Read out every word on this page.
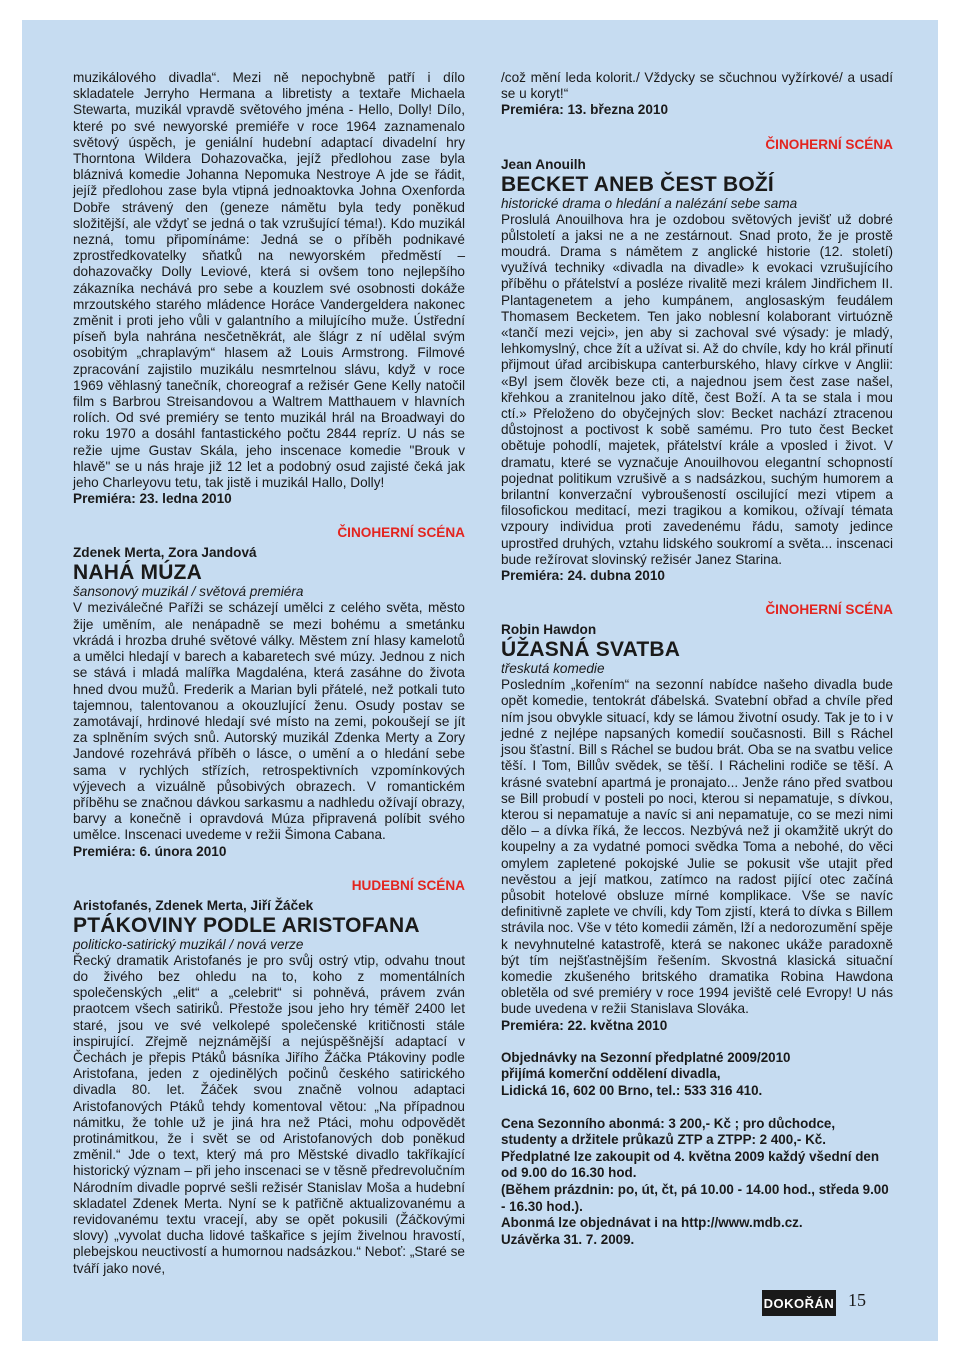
muzikálového divadla“. Mezi ně nepochybně patří i dílo skladatele Jerryho Hermana a libretisty a textaře Michaela Stewarta, muzikál vpravdě světového jména - Hello, Dolly! Dílo, které po své newyorské premiéře v roce 1964 zaznamenalo světový úspěch, je geniální hudební adaptací divadelní hry Thorntona Wildera Dohazovačka, jejíž předlohou zase byla bláznivá komedie Johanna Nepomuka Nestroye A jde se řádit, jejíž předlohou zase byla vtipná jednoaktovka Johna Oxenforda Dobře strávený den (geneze námětu byla tedy poněkud složitější, ale vždyť se jedná o tak vzrušující téma!). Kdo muzikál nezná, tomu připomínáme: Jedná se o příběh podnikavé zprostředkovatelky sňatků na newyorském předměstí – dohazovačky Dolly Leviové, která si ovšem tono nejlepšího zákazníka nechává pro sebe a kouzlem své osobnosti dokáže mrzoutského starého mládence Horáce Vandergeldera nakonec změnit i proti jeho vůli v galantního a milujícího muže. Ústřední píseň byla nahrána nesčetněkrát, ale šlágr z ní udělal svým osobitým „chraplavým“ hlasem až Louis Armstrong. Filmové zpracování zajistilo muzikálu nesmrtelnou slávu, když v roce 1969 věhlasný tanečník, choreograf a režisér Gene Kelly natočil film s Barbrou Streisandovou a Waltrem Matthauem v hlavních rolích. Od své premiéry se tento muzikál hrál na Broadwayi do roku 1970 a dosáhl fantastického počtu 2844 repríz. U nás se režie ujme Gustav Skála, jeho inscenace komedie "Brouk v hlavě" se u nás hraje již 12 let a podobný osud zajisté čeká jak jeho Charleyovu tetu, tak jistě i muzikál Hallo, Dolly!

Premiéra: 23. ledna 2010

ČINOHERNÍ SCÉNA

Zdenek Merta, Zora Jandová

NAHÁ MÚZA

šansonový muzikál / světová premiéra

V meziválečné Paříži se scházejí umělci z celého světa, město žije uměním, ale nenápadně se mezi bohému a smetánku vkrádá i hrozba druhé světové války. Městem zní hlasy kamelotů a umělci hledají v barech a kabaretech své múzy. Jednou z nich se stává i mladá malířka Magdaléna, která zasáhne do života hned dvou mužů. Frederik a Marian byli přátelé, než potkali tuto tajemnou, talentovanou a okouzlující ženu. Osudy postav se zamotávají, hrdinové hledají své místo na zemi, pokoušejí se jít za splněním svých snů. Autorský muzikál Zdenka Merty a Zory Jandové rozehrává příběh o lásce, o umění a o hledání sebe sama v rychlých střízích, retrospektivních vzpomínkových výjevech a vizuálně působivých obrazech. V romantickém příběhu se značnou dávkou sarkasmu a nadhledu ožívají obrazy, barvy a konečně i opravdová Múza připravená políbit svého umělce. Inscenaci uvedeme v režii Šimona Cabana.

Premiéra: 6. února 2010

HUDEBNÍ SCÉNA

Aristofanés, Zdenek Merta, Jiří Žáček

PTÁKOVINY PODLE ARISTOFANA

politicko-satirický muzikál / nová verze

Řecký dramatik Aristofanés je pro svůj ostrý vtip, odvahu tnout do živého bez ohledu na to, koho z momentálních společenských „elit“ a „celebrit“ si pohněvá, právem zván praotcem všech satiriků. Přestože jsou jeho hry téměř 2400 let staré, jsou ve své velkolepé společenské kritičnosti stále inspirující. Zřejmě nejznámější a nejúspěšnější adaptací v Čechách je přepis Ptáků básníka Jiřího Žáčka Ptákoviny podle Aristofana, jeden z ojedinělých počinů českého satirického divadla 80. let. Žáček svou značně volnou adaptaci Aristofanových Ptáků tehdy komentoval větou: „Na případnou námitku, že tohle už je jiná hra než Ptáci, mohu odpovědět protinámitkou, že i svět se od Aristofanových dob poněkud změnil.“ Jde o text, který má pro Městské divadlo takříkající historický význam – při jeho inscenaci se v těsně předrevolučním Národním divadle poprvé sešli režisér Stanislav Moša a hudební skladatel Zdenek Merta. Nyní se k patřičně aktualizovanému a revidovanému textu vracejí, aby se opět pokusili (Žáčkovými slovy) „vyvolat ducha lidové taškařice s jejím živelnou hravostí, plebejskou neuctivostí a humornou nadsázkou.“ Neboť: „Staré se tváří jako nové,

/což mění leda kolorit./ Vždycky se sčuchnou vyžírkové/ a usadí se u koryt!“

Premiéra: 13. března 2010

ČINOHERNÍ SCÉNA

Jean Anouilh

BECKET ANEB ČEST BOŽÍ

historické drama o hledání a nalézání sebe sama

Proslulá Anouilhova hra je ozdobou světových jevišť už dobré půlstoletí a jaksi ne a ne zestárnout. Snad proto, že je prostě moudrá. Drama s námětem z anglické historie (12. století) využívá techniky «divadla na divadle» k evokaci vzrušujícího příběhu o přátelství a posléze rivalitě mezi králem Jindřichem II. Plantagenetem a jeho kumpánem, anglosaským feudálem Thomasem Becketem. Ten jako noblesní kolaborant virtuózně «tančí mezi vejci», jen aby si zachoval své výsady: je mladý, lehkomyslný, chce žít a užívat si. Až do chvíle, kdy ho král přinutí přijmout úřad arcibiskupa canterburského, hlavy církve v Anglii: «Byl jsem člověk beze cti, a najednou jsem čest zase našel, křehkou a zranitelnou jako dítě, čest Boží. A ta se stala i mou ctí.» Přeloženo do obyčejných slov: Becket nachází ztracenou důstojnost a poctivost k sobě samému. Pro tuto čest Becket obětuje pohodlí, majetek, přátelství krále a vposled i život. V dramatu, které se vyznačuje Anouilhovou elegantní schopností pojednat politikum vzrušivě a s nadsázkou, suchým humorem a brilantní konverzační vybroušeností oscilující mezi vtipem a filosofickou meditací, mezi tragikou a komikou, ožívají témata vzpoury individua proti zavedenému řádu, samoty jedince uprostřed druhých, vztahu lidského soukromí a světa... inscenaci bude režírovat slovinský režisér Janez Starina.

Premiéra: 24. dubna 2010

ČINOHERNÍ SCÉNA

Robin Hawdon

ÚŽASNÁ SVATBA

třeskutá komedie

Posledním „kořením“ na sezonní nabídce našeho divadla bude opět komedie, tentokrát ďábelská. Svatební obřad a chvíle před ním jsou obvykle situací, kdy se lámou životní osudy. Tak je to i v jedné z nejlépe napsaných komedií současnosti. Bill s Ráchel jsou šťastní. Bill s Ráchel se budou brát. Oba se na svatbu velice těší. I Tom, Billův svědek, se těší. I Ráchelini rodiče se těší. A krásné svatební apartmá je pronajato... Jenže ráno před svatbou se Bill probudí v posteli po noci, kterou si nepamatuje, s dívkou, kterou si nepamatuje a navíc si ani nepamatuje, co se mezi nimi dělo – a dívka říká, že leccos. Nezbývá než ji okamžitě ukrýt do koupelny a za vydatné pomoci svědka Toma a nebohé, do věci omylem zapletené pokojské Julie se pokusit vše utajit před nevěstou a její matkou, zatímco na radost pijící otec začíná působit hotelové obsluze mírné komplikace. Vše se navíc definitivně zaplete ve chvíli, kdy Tom zjistí, která to dívka s Billem strávila noc. Vše v této komedii záměn, lží a nedorozumění spěje k nevyhnutelné katastrofě, která se nakonec ukáže paradoxně být tím nejšťastnějším řešením. Skvostná klasická situační komedie zkušeného britského dramatika Robina Hawdona obletěla od své premiéry v roce 1994 jeviště celé Evropy! U nás bude uvedena v režii Stanislava Slováka.

Premiéra: 22. května 2010

Objednávky na Sezonní předplatné 2009/2010

přijímá komerční oddělení divadla,

Lidická 16, 602 00 Brno, tel.: 533 316 410.

Cena Sezonního abonmá: 3 200,- Kč ; pro důchodce, studenty a držitele průkazů ZTP a ZTPP: 2 400,- Kč.

Předplatné lze zakoupit od 4. května 2009 každý všední den od 9.00 do 16.30 hod.

(Během prázdnin: po, út, čt, pá 10.00 - 14.00 hod., středa 9.00 - 16.30 hod.).

Abonmá lze objednávat i na http://www.mdb.cz.

Uzávěrka 31. 7. 2009.

DOKOŘÁN 15
